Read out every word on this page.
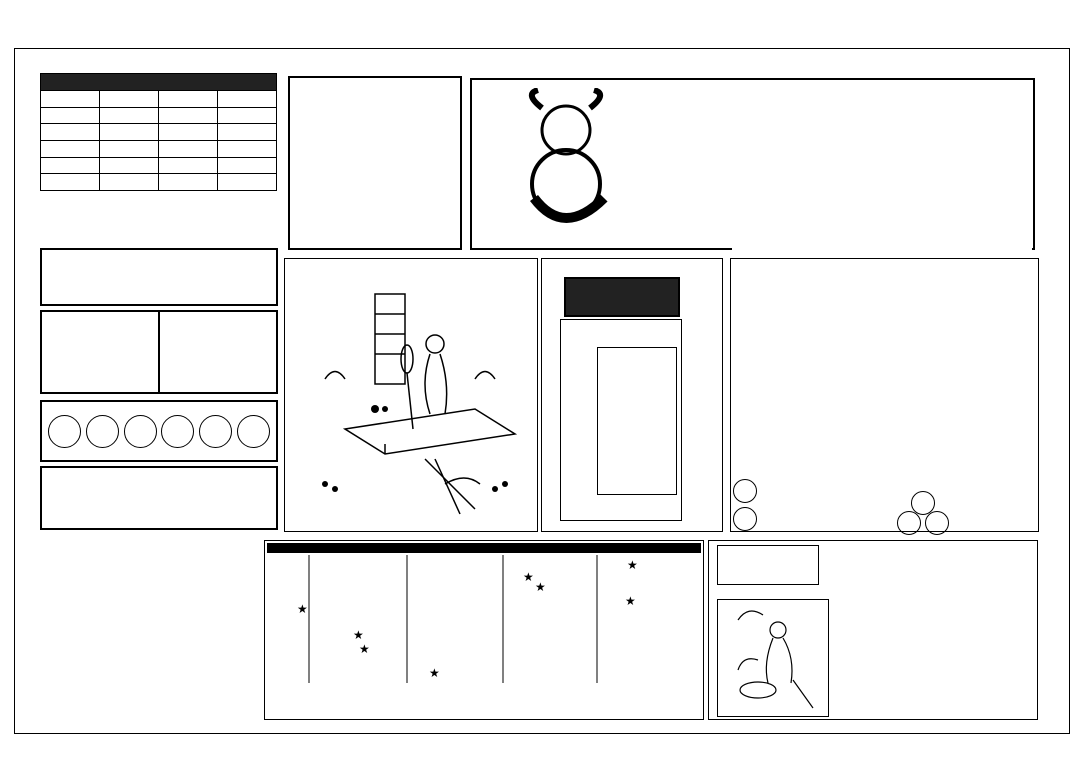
★
★
★
★
★
★
★
★
